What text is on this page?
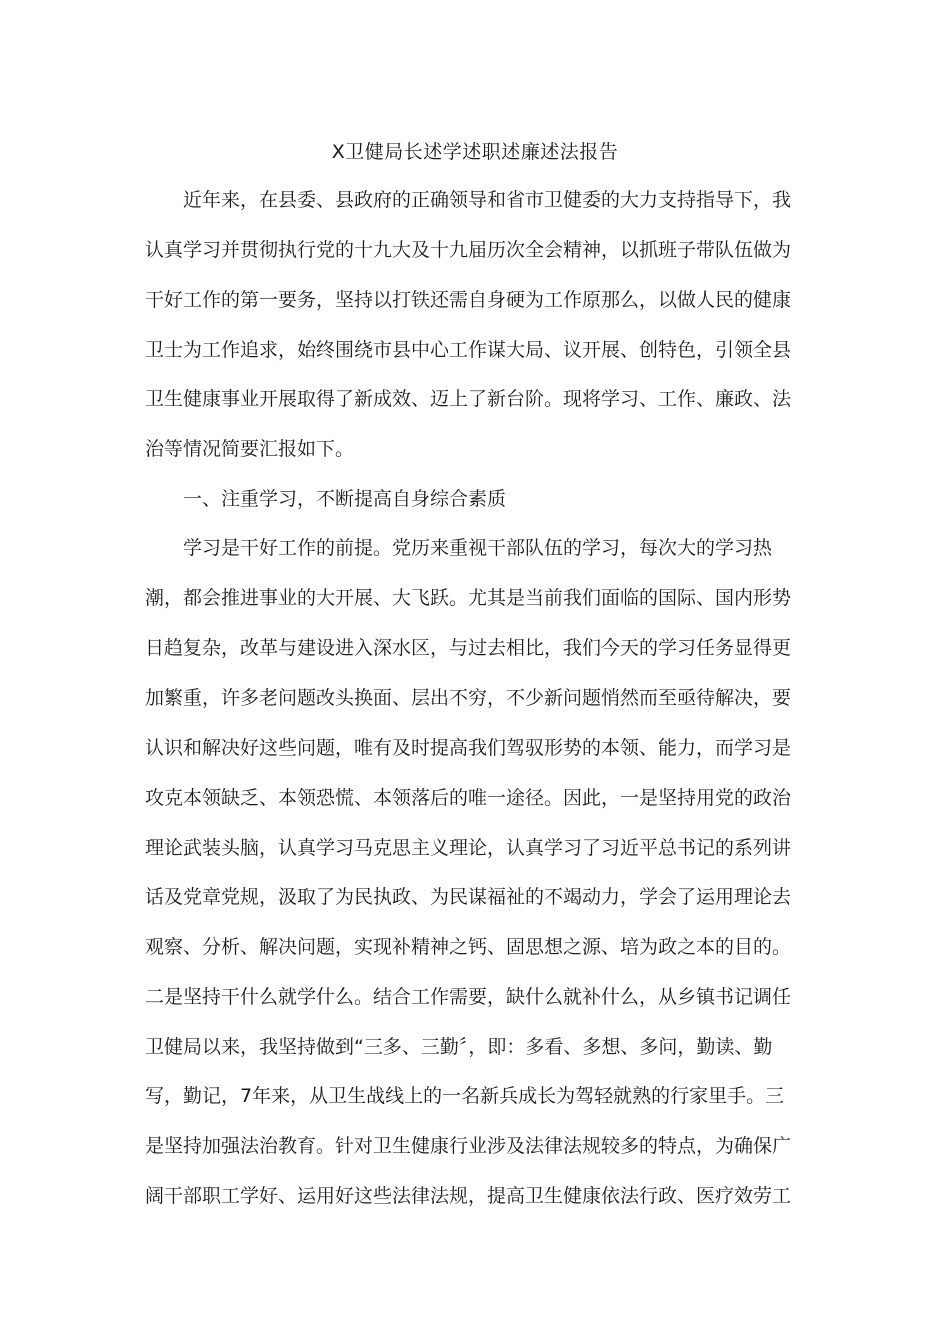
X卫健局长述学述职述廉述法报告
近年来，在县委、县政府的正确领导和省市卫健委的大力支持指导下，我
认真学习并贯彻执行党的十九大及十九届历次全会精神，以抓班子带队伍做为
干好工作的第一要务，坚持以打铁还需自身硬为工作原那么，以做人民的健康
卫士为工作追求，始终围绕市县中心工作谋大局、议开展、创特色，引领全县
卫生健康事业开展取得了新成效、迈上了新台阶。现将学习、工作、廉政、法
治等情况简要汇报如下。
一、注重学习，不断提高自身综合素质
学习是干好工作的前提。党历来重视干部队伍的学习，每次大的学习热
潮，都会推进事业的大开展、大飞跃。尤其是当前我们面临的国际、国内形势
日趋复杂，改革与建设进入深水区，与过去相比，我们今天的学习任务显得更
加繁重，许多老问题改头换面、层出不穷，不少新问题悄然而至亟待解决，要
认识和解决好这些问题，唯有及时提高我们驾驭形势的本领、能力，而学习是
攻克本领缺乏、本领恐慌、本领落后的唯一途径。因此，一是坚持用党的政治
理论武装头脑，认真学习马克思主义理论，认真学习了习近平总书记的系列讲
话及党章党规，汲取了为民执政、为民谋福祉的不竭动力，学会了运用理论去
观察、分析、解决问题，实现补精神之钙、固思想之源、培为政之本的目的。
二是坚持干什么就学什么。结合工作需要，缺什么就补什么，从乡镇书记调任
卫健局以来，我坚持做到“三多、三勤〞，即：多看、多想、多问，勤读、勤
写，勤记，7年来，从卫生战线上的一名新兵成长为驾轻就熟的行家里手。三
是坚持加强法治教育。针对卫生健康行业涉及法律法规较多的特点，为确保广
阔干部职工学好、运用好这些法律法规，提高卫生健康依法行政、医疗效劳工
